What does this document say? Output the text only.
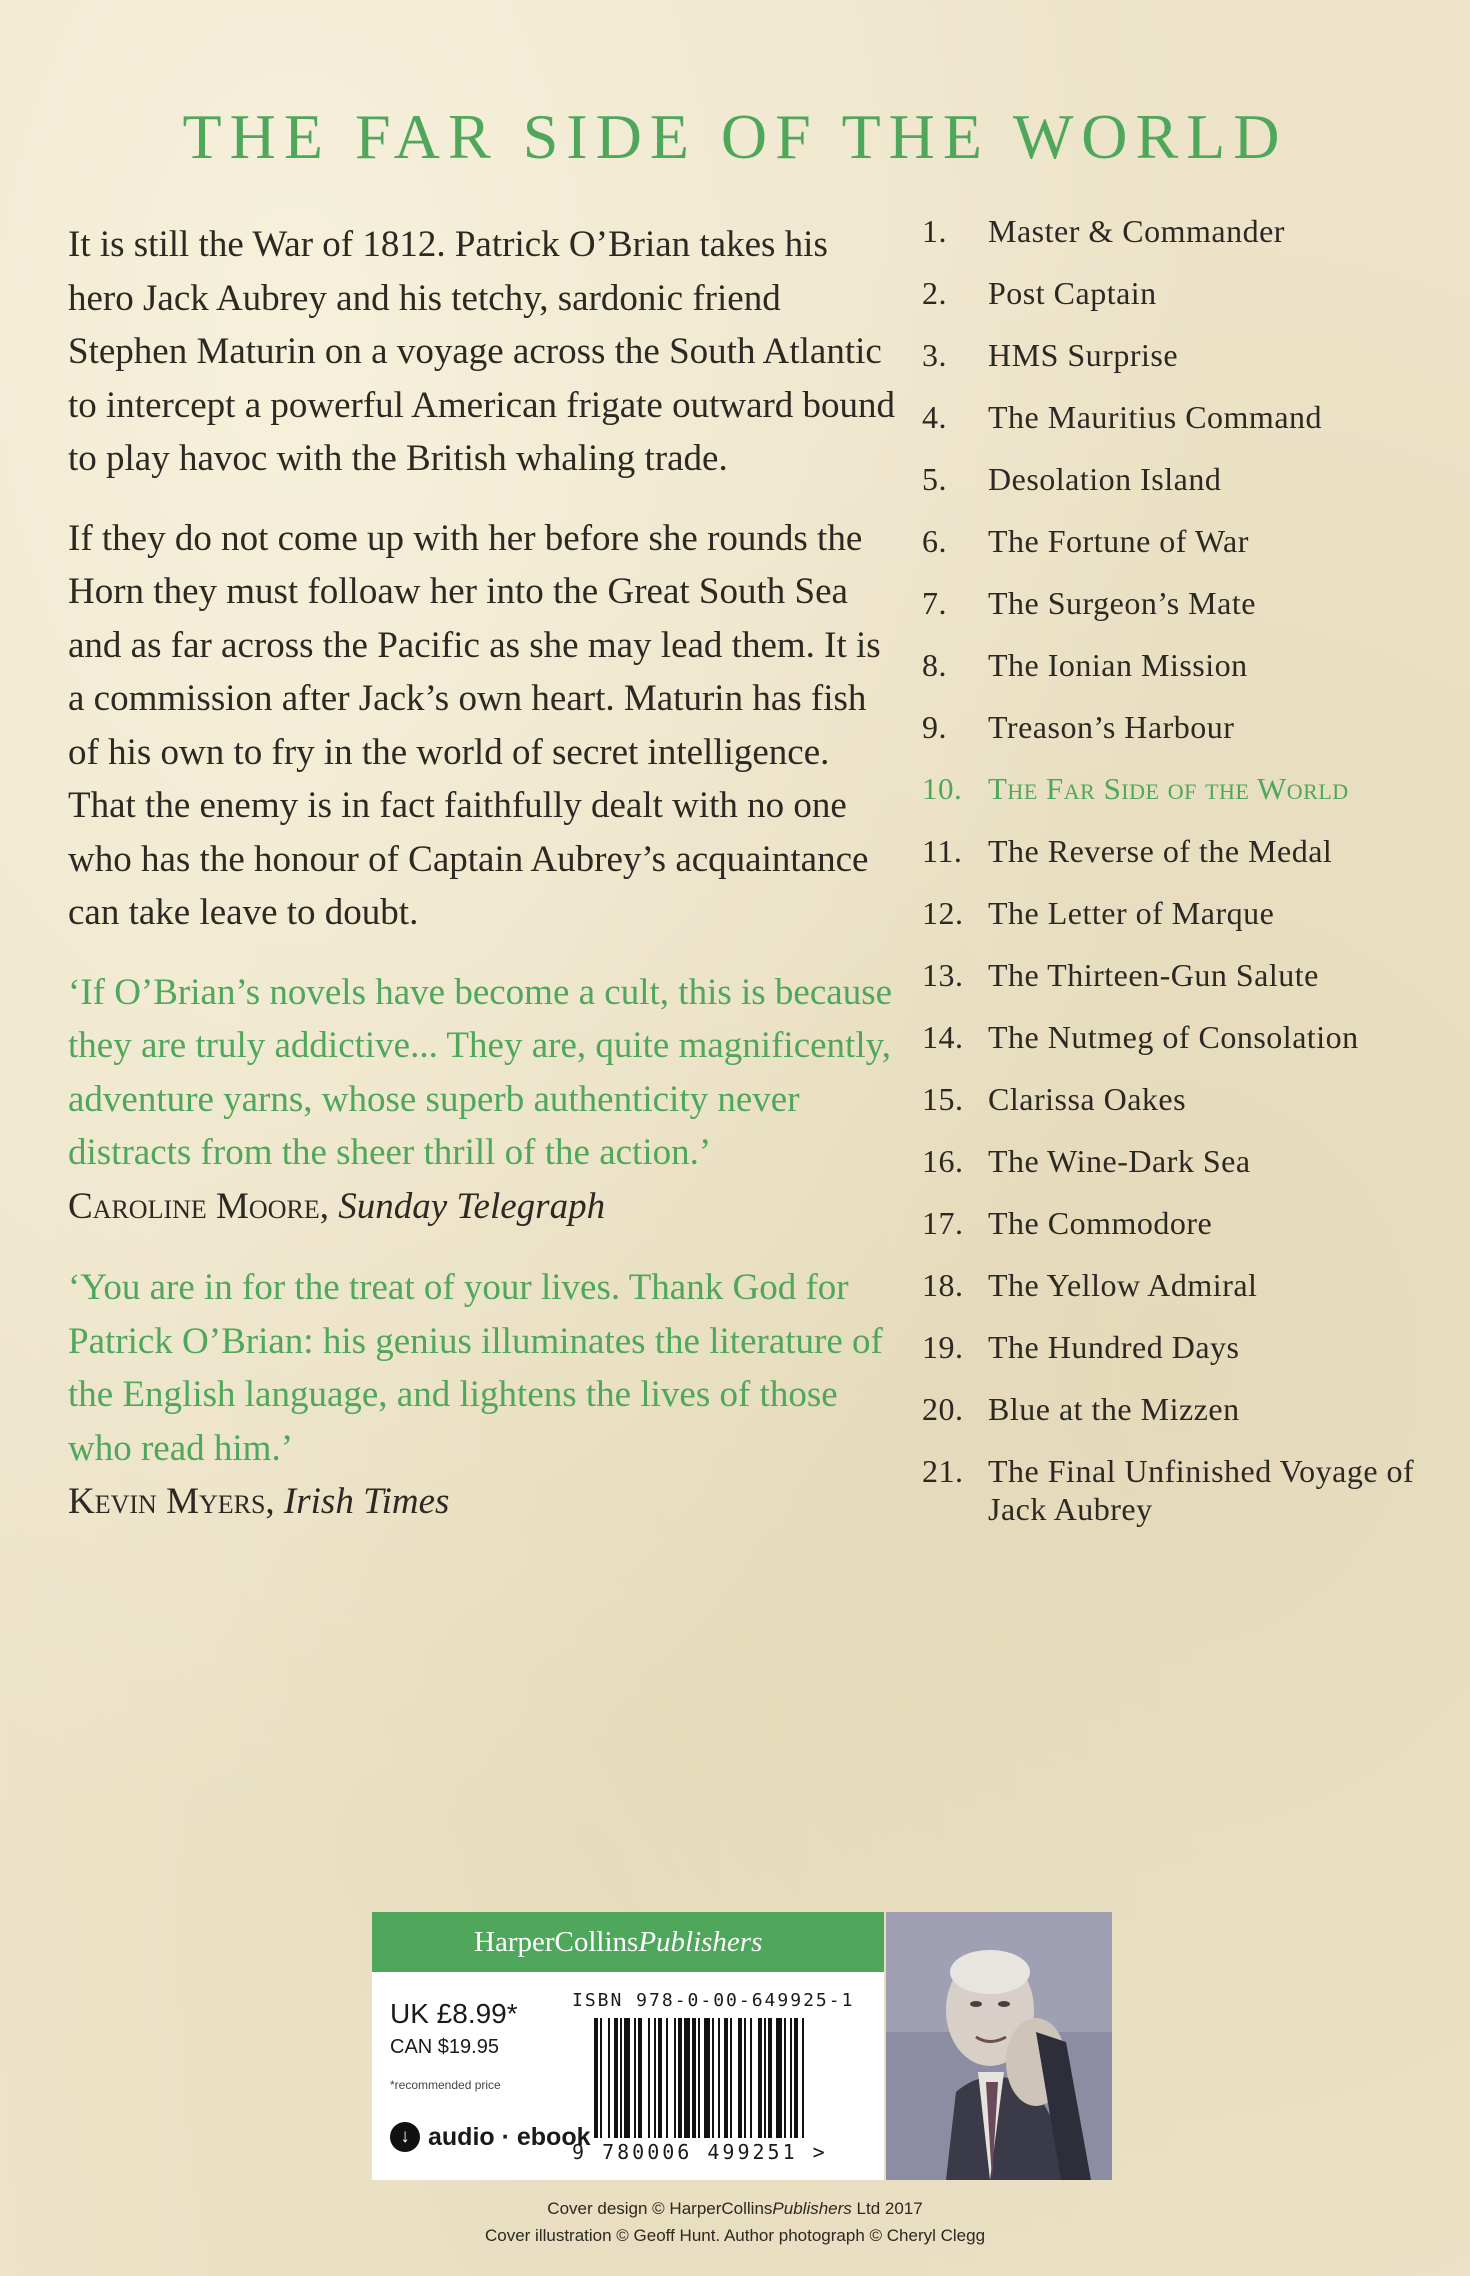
THE FAR SIDE OF THE WORLD

It is still the War of 1812. Patrick O’Brian takes his hero Jack Aubrey and his tetchy, sardonic friend Stephen Maturin on a voyage across the South Atlantic to intercept a powerful American frigate outward bound to play havoc with the British whaling trade.

If they do not come up with her before she rounds the Horn they must folloaw her into the Great South Sea and as far across the Pacific as she may lead them. It is a commission after Jack’s own heart. Maturin has fish of his own to fry in the world of secret intelligence. That the enemy is in fact faithfully dealt with no one who has the honour of Captain Aubrey’s acquaintance can take leave to doubt.

‘If O’Brian’s novels have become a cult, this is because they are truly addictive... They are, quite magnificently, adventure yarns, whose superb authenticity never distracts from the sheer thrill of the action.’
Caroline Moore, Sunday Telegraph

‘You are in for the treat of your lives. Thank God for Patrick O’Brian: his genius illuminates the literature of the English language, and lightens the lives of those who read him.’
Kevin Myers, Irish Times

1.	Master & Commander
2.	Post Captain
3.	HMS Surprise
4.	The Mauritius Command
5.	Desolation Island
6.	The Fortune of War
7.	The Surgeon’s Mate
8.	The Ionian Mission
9.	Treason’s Harbour
10. The Far Side of the World
11. The Reverse of the Medal
12. The Letter of Marque
13. The Thirteen-Gun Salute
14. The Nutmeg of Consolation
15. Clarissa Oakes
16. The Wine-Dark Sea
17. The Commodore
18. The Yellow Admiral
19. The Hundred Days
20. Blue at the Mizzen
21. The Final Unfinished Voyage of Jack Aubrey
HarperCollinsPublishers
UK £8.99*
CAN $19.95
*recommended price
↓ audio · ebook
ISBN 978-0-00-649925-1
9 780006 499251 >
Cover design © HarperCollinsPublishers Ltd 2017
Cover illustration © Geoff Hunt. Author photograph © Cheryl Clegg
